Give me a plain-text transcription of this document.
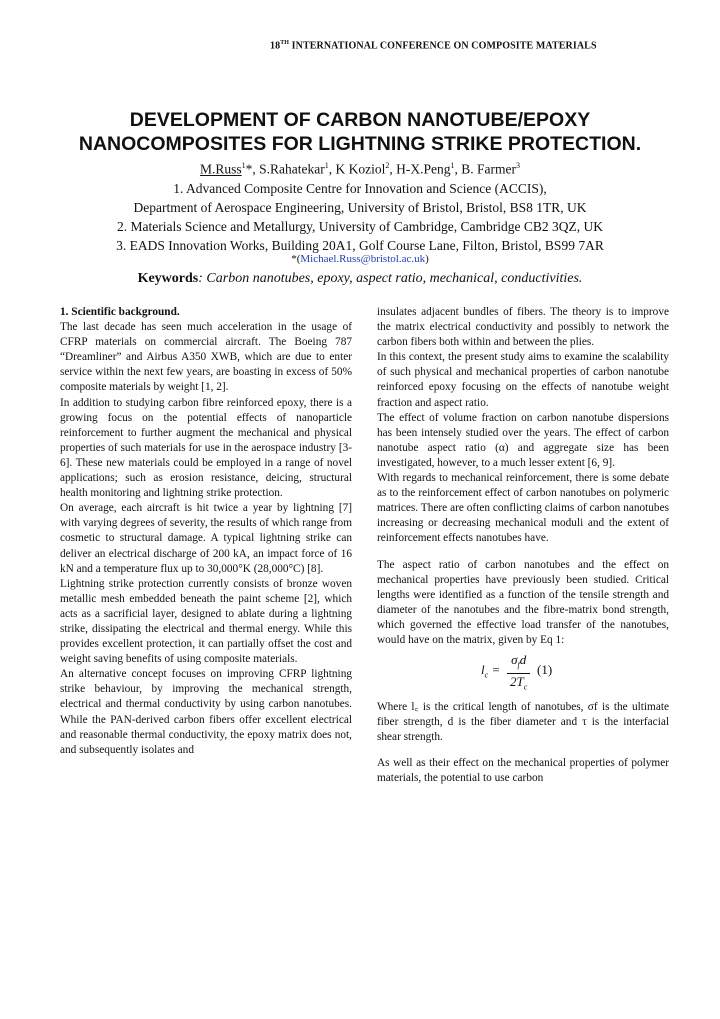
18TH INTERNATIONAL CONFERENCE ON COMPOSITE MATERIALS
DEVELOPMENT OF CARBON NANOTUBE/EPOXY
NANOCOMPOSITES FOR LIGHTNING STRIKE PROTECTION.
M.Russ$^1$*, S.Rahatekar$^1$, K Koziol$^2$, H-X.Peng$^1$, B. Farmer$^3$
1. Advanced Composite Centre for Innovation and Science (ACCIS),
Department of Aerospace Engineering, University of Bristol, Bristol, BS8 1TR, UK
2. Materials Science and Metallurgy, University of Cambridge, Cambridge CB2 3QZ, UK
3. EADS Innovation Works, Building 20A1, Golf Course Lane, Filton, Bristol, BS99 7AR
*(Michael.Russ@bristol.ac.uk)
Keywords: Carbon nanotubes, epoxy, aspect ratio, mechanical, conductivities.

1. Scientific background.

The last decade has seen much acceleration in the usage of CFRP materials on commercial aircraft. The Boeing 787 “Dreamliner” and Airbus A350 XWB, which are due to enter service within the next few years, are boasting in excess of 50% composite materials by weight [1, 2].

In addition to studying carbon fibre reinforced epoxy, there is a growing focus on the potential effects of nanoparticle reinforcement to further augment the mechanical and physical properties of such materials for use in the aerospace industry [3-6]. These new materials could be employed in a range of novel applications; such as erosion resistance, deicing, structural health monitoring and lightning strike protection.

On average, each aircraft is hit twice a year by lightning [7] with varying degrees of severity, the results of which range from cosmetic to structural damage. A typical lightning strike can deliver an electrical discharge of 200 kA, an impact force of 16 kN and a temperature flux up to 30,000°K (28,000°C) [8].

Lightning strike protection currently consists of bronze woven metallic mesh embedded beneath the paint scheme [2], which acts as a sacrificial layer, designed to ablate during a lightning strike, dissipating the electrical and thermal energy. While this provides excellent protection, it can partially offset the cost and weight saving benefits of using composite materials.

An alternative concept focuses on improving CFRP lightning strike behaviour, by improving the mechanical strength, electrical and thermal conductivity by using carbon nanotubes. While the PAN-derived carbon fibers offer excellent electrical and reasonable thermal conductivity, the epoxy matrix does not, and subsequently isolates and

insulates adjacent bundles of fibers. The theory is to improve the matrix electrical conductivity and possibly to network the carbon fibers both within and between the plies.

In this context, the present study aims to examine the scalability of such physical and mechanical properties of carbon nanotube reinforced epoxy focusing on the effects of nanotube weight fraction and aspect ratio.

The effect of volume fraction on carbon nanotube dispersions has been intensely studied over the years. The effect of carbon nanotube aspect ratio (α) and aggregate size has been investigated, however, to a much lesser extent [6, 9].

With regards to mechanical reinforcement, there is some debate as to the reinforcement effect of carbon nanotubes on polymeric matrices. There are often conflicting claims of carbon nanotubes increasing or decreasing mechanical moduli and the extent of reinforcement effects nanotubes have.

The aspect ratio of carbon nanotubes and the effect on mechanical properties have previously been studied. Critical lengths were identified as a function of the tensile strength and diameter of the nanotubes and the fibre-matrix bond strength, which governed the effective load transfer of the nanotubes, would have on the matrix, given by Eq 1:

$l_c$ =
$\sigma_fd$
$2T_c$
(1)

Where l꜀ is the critical length of nanotubes, σf is the ultimate fiber strength, d is the fiber diameter and τ is the interfacial shear strength.

As well as their effect on the mechanical properties of polymer materials, the potential to use carbon
